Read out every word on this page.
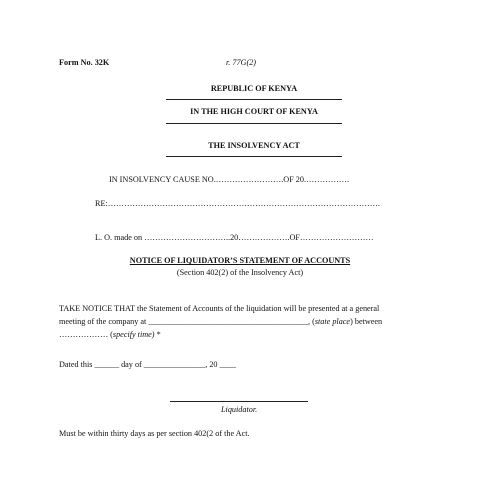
Form No. 32K	r. 77G(2)
REPUBLIC OF KENYA
IN THE HIGH COURT OF KENYA
THE INSOLVENCY ACT
IN INSOLVENCY CAUSE NO.…………………….OF 20.…………….
RE:……………………………………………………………………………………….
L. O. made on …………………………..20……………….OF………………………
NOTICE OF LIQUIDATOR’S STATEMENT OF ACCOUNTS
(Section 402(2) of the Insolvency Act)
TAKE NOTICE THAT the Statement of Accounts of the liquidation will be presented at a general
meeting of the company at _______________________________________, (state place) between
……………… (specify time) *
Dated this ______ day of _______________, 20 ____
Liquidator.
Must be within thirty days as per section 402(2 of the Act.
